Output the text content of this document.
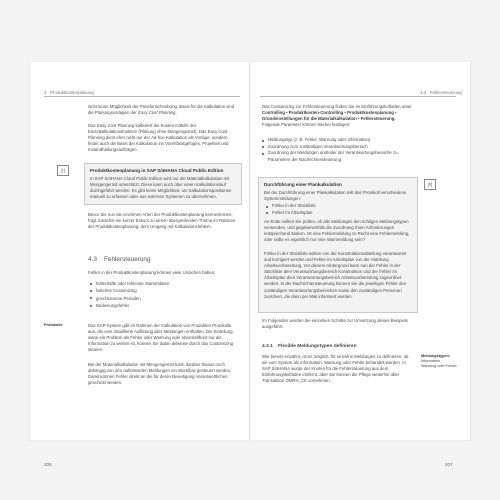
4 Produktkostenplanung

nicht keine Möglichkeit der Preisfortschreibung. Basis für die Kalkulation sind die Planungsvorlagen der Easy Cost Planning.

Das Easy Cost Planning kalkuliert die Kosten mithilfe der Einzelkalkulationsfunktion (Planung ohne Mengengerüst). Das Easy Cost Planning dient eher nicht nur der Ad-hoc-Kalkulation als Vorlage, sondern findet auch die Basis der Kalkulation ins Vorerfasstgefüges, Projektes und Instandhaltungsaufträgen.

[!]	Produktkostenplanung in SAP S/4HANA Cloud Public Edition

In SAP S/4HANA Cloud Public Edition wird nur die Materialkalkulation mit Mengengerüst unterstützt. Diese kann auch über einen Kalkulationslauf durchgeführt werden. Es gibt keine Möglichkeit, um Kalkulationspositionen manuell zu erfassen oder aus externen Systemen zu übernehmen.

Bevor Sie nun die einzelnen Arten der Produktkostenplanung kennenlernen, folgt zunächst ein kurzer Exkurs zu einem übergreifenden Thema im Rahmen der Produktkostenplanung: dem Umgang mit Kalkulationsfehlern.

4.3 Fehlersteuerung

Fehler in der Produktkostenplanung können viele Ursachen haben:

fehlerhafte oder fehlende Stammdaten
falsches Customizing
geschlossene Perioden
Bedienungsfehler
Protokolle	Das SAP-System gibt im Rahmen der Kalkulation von Produkten Protokolle aus, die eine detaillierte Auflistung aller Meldungen enthalten. Die Einteilung, wann ein Problem als Fehler oder Warnung oder ebenstellbreit nur als Information zu werten ist, können Sie dabei teilweise durch das Customizing steuern.

Bei der Materialkalkulation mit Mengengerüst kann darüber hinaus noch abhängig von den auftretenden Meldungen ein Workflow gesteuert werden. Damit können Fehler direkt an die für deren Beseitigung Verantwortlichen geschickt werden.

206
4.3 Fehlersteuerung

Das Customizing zur Fehlersteuerung finden Sie im Einführungsleitfaden unter Controlling • Produktkosten-Controlling • Produktkostenplanung • Grundeinstellungen für die Materialkalkulation • Fehlersteuerung. Folgende Parameter können hierbei festlegen:

Meldungstyp (z. B. Fehler, Warnung oder Information)
Zuordnung zum zuständigen Verantwortungsbereich
Zuordnung der Meldungen und/oder der Verantwortungsbereiche zu Parametern der Nachrichtensteuerung
Durchführung einer Plankalkulation

Bei der Durchführung einer Plankalkulation teilt das Protokoll verschiedene Systemmeldungen:

Fehler in der Stückliste
Fehler im Arbeitsplan

An Ende sollten Sie prüfen, ob alle Meldungen den richtigen Meldungstypen verwenden, und gegebenenfalls die Zuordnung Ihren Anforderungen entsprechend ändern. Ist eine Fehlermeldung zu Recht eine Fehlermeldung, oder sollte es eigentlich nur eine Warnmeldung sein?

Fehler in der Stückliste sollten von der Konstruktionsabteilung verantwortet und korrigiert werden und Fehler im Arbeitsplan von der Abteilung Arbeitsvorbereitung. Vor diesem Hintergrund kann nun der Fehler in der Stückliste dem Verantwortungsbereich Konstruktion und der Fehler im Arbeitsplan dem Verantwortungsbereich Arbeitsvorbereitung zugeordnet werden. In der Nachrichtensteuerung können Sie die jeweiligen Fehler den zuständigen Verantwortungsbereichen sowie den zuständigen Personen zuordnen, die dann per Mail informiert werden.

[#]

Im Folgenden werden die einzelnen Schritte zur Umsetzung dieses Beispiels ausgeführt.

4.3.1 Flexible Meldungstypen definieren

Wie bereits erwähnt, ist es möglich, für einzelne Meldungen zu definieren, ob sie vom System als Information, Warnung oder Fehler behandelt werden. In SAP S/4HANA wurde der Knoten für die Fehlersteuerung aus dem Einführungsleitfaden entfernt, aber Sie können die Pflege weiterhin über Transaktion OMRH_CK vornehmen.

Meldungstypen:
Information, Warnung oder Fehler
207
